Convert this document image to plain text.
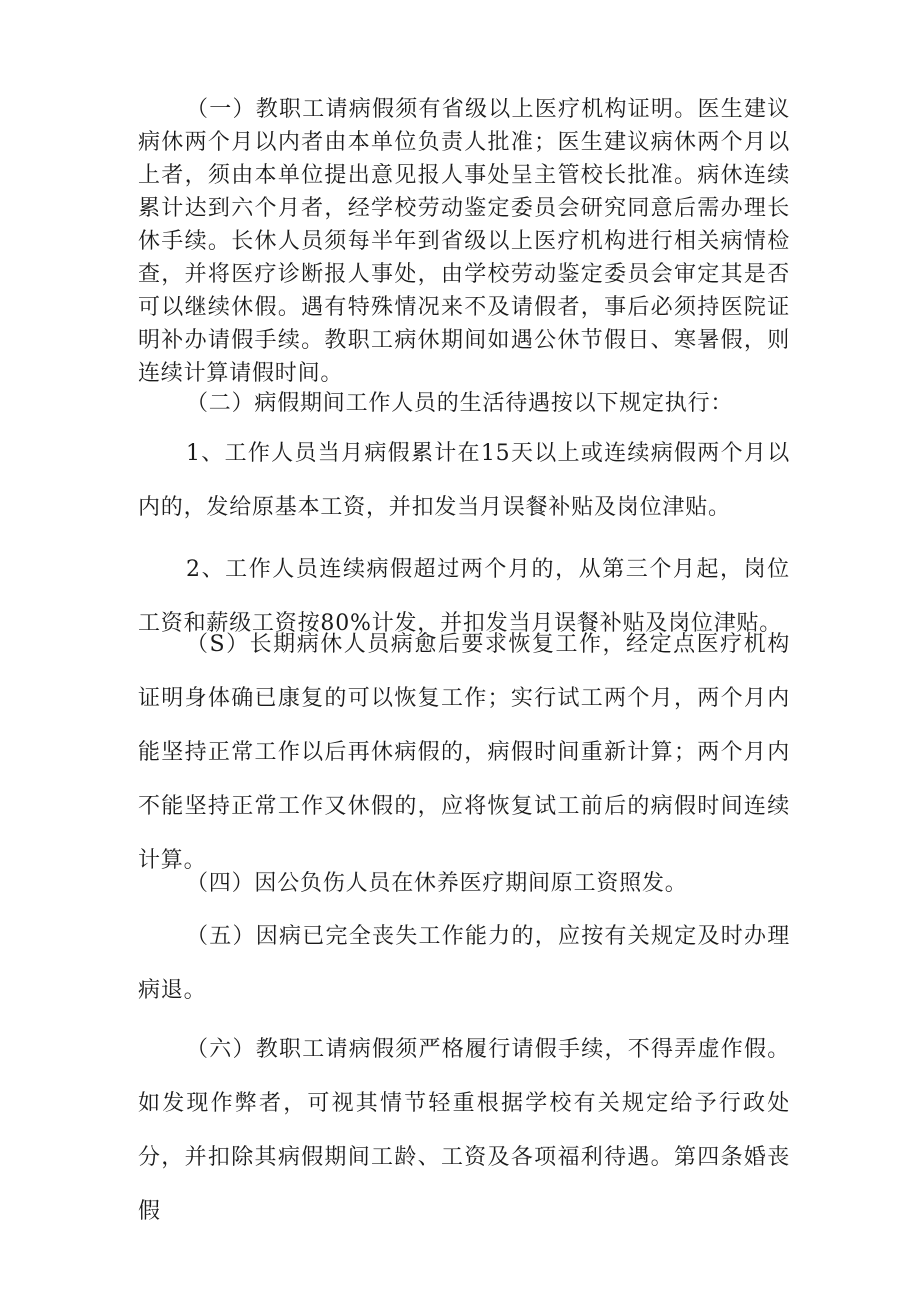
（一）教职工请病假须有省级以上医疗机构证明。医生建议病休两个月以内者由本单位负责人批准；医生建议病休两个月以上者，须由本单位提出意见报人事处呈主管校长批准。病休连续累计达到六个月者，经学校劳动鉴定委员会研究同意后需办理长休手续。长休人员须每半年到省级以上医疗机构进行相关病情检查，并将医疗诊断报人事处，由学校劳动鉴定委员会审定其是否可以继续休假。遇有特殊情况来不及请假者，事后必须持医院证明补办请假手续。教职工病休期间如遇公休节假日、寒暑假，则连续计算请假时间。

（二）病假期间工作人员的生活待遇按以下规定执行：

1、工作人员当月病假累计在15天以上或连续病假两个月以内的，发给原基本工资，并扣发当月误餐补贴及岗位津贴。

2、工作人员连续病假超过两个月的，从第三个月起，岗位工资和薪级工资按80%计发，并扣发当月误餐补贴及岗位津贴。

（S）长期病休人员病愈后要求恢复工作，经定点医疗机构证明身体确已康复的可以恢复工作；实行试工两个月，两个月内能坚持正常工作以后再休病假的，病假时间重新计算；两个月内不能坚持正常工作又休假的，应将恢复试工前后的病假时间连续计算。

（四）因公负伤人员在休养医疗期间原工资照发。

（五）因病已完全丧失工作能力的，应按有关规定及时办理病退。

（六）教职工请病假须严格履行请假手续，不得弄虚作假。如发现作弊者，可视其情节轻重根据学校有关规定给予行政处分，并扣除其病假期间工龄、工资及各项福利待遇。第四条婚丧假
